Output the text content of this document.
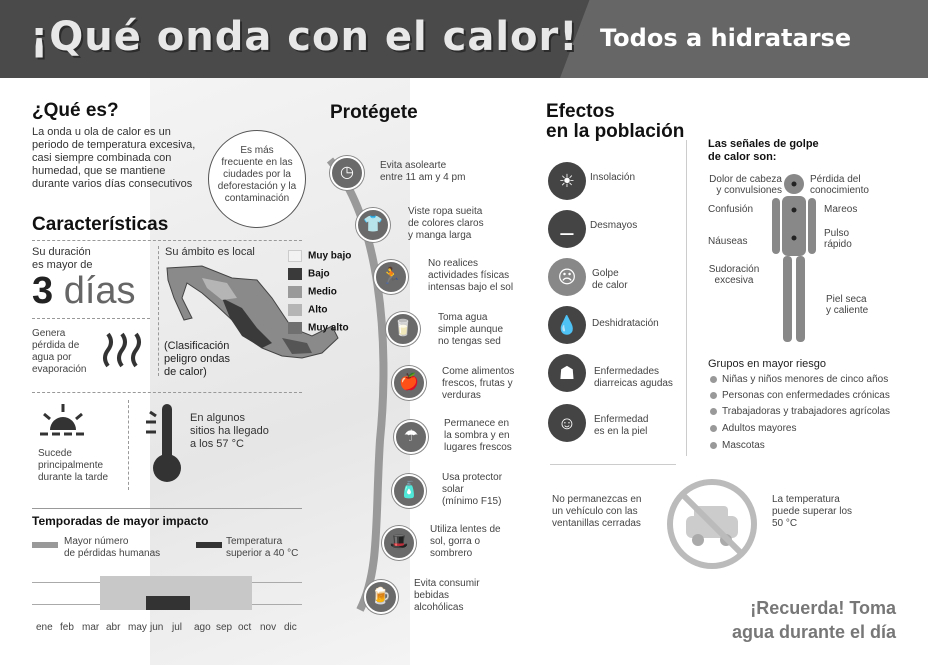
¡Qué onda con el calor! Todos a hidratarse
¿Qué es?
La onda u ola de calor es un
periodo de temperatura excesiva,
casi siempre combinada con
humedad, que se mantiene
durante varios días consecutivos
Es más
frecuente en las
ciudades por la
deforestación y la
contaminación
Características
Su duración
es mayor de
3 días
Su ámbito es local	Muy bajo
Bajo
Medio
Alto
Muy alto
(Clasificación
peligro ondas
de calor)
Genera
pérdida de
agua por
evaporación
Sucede
principalmente
durante la tarde
En algunos
sitios ha llegado
a los 57 °C
Temporadas de mayor impacto
Mayor número
de pérdidas humanas
Temperatura
superior a 40 °C
ene feb mar abr may jun jul ago sep oct nov dic
Protégete
◷	Evita asolearte
entre 11 am y 4 pm
👕
Viste ropa sueita
de colores claros
y manga larga
🏃
No realices
actividades físicas
intensas bajo el sol
🥛
Toma agua
simple aunque
no tengas sed
🍎
Come alimentos
frescos, frutas y
verduras
☂
Permanece en
la sombra y en
lugares frescos
🧴
Usa protector
solar
(mínimo F15)
🎩
Utiliza lentes de
sol, gorra o
sombrero
🍺
Evita consumir
bebidas
alcohólicas
Efectos
en la población
☀	Insolación
⚊	Desmayos
☹	Golpe
de calor
💧	Deshidratación
☗	Enfermedades
diarreicas agudas
☺	Enfermedad
es en la piel
Las señales de golpe
de calor son:
Dolor de cabeza
y convulsiones
Pérdida del
conocimiento
Confusión	Mareos
Pulso
rápido
Náuseas
Sudoración
excesiva
Piel seca
y caliente
Grupos en mayor riesgo
Niñas y niños menores de cinco años
Personas con enfermedades crónicas
Trabajadoras y trabajadores agrícolas
Adultos mayores
Mascotas
No permanezcas en
un vehículo con las
ventanillas cerradas
La temperatura
puede superar los
50 °C
¡Recuerda! Toma
agua durante el día
